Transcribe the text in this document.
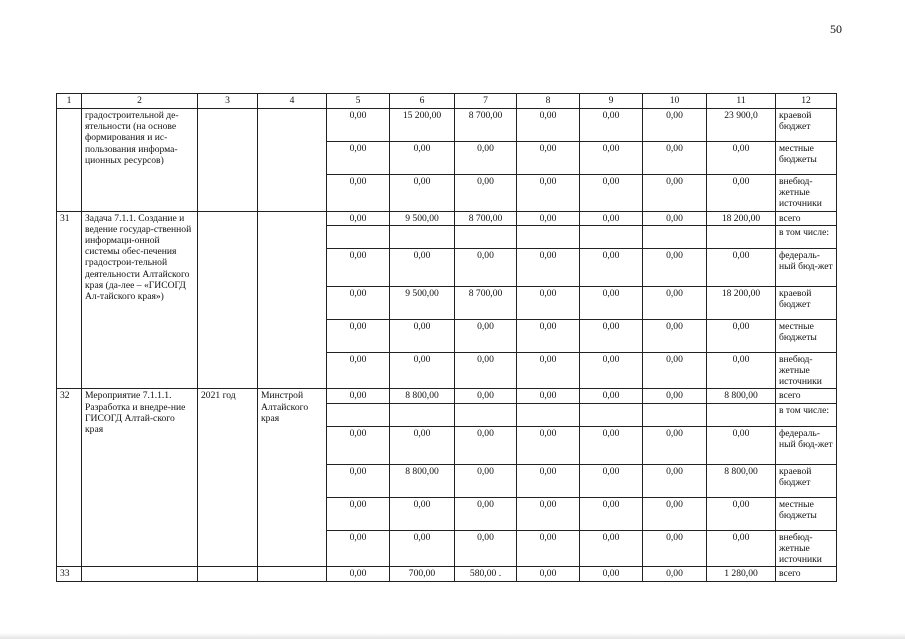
50
1	2	3	4	5	6	7	8	9	10	11	12
	градостроительной де-ятельности (на основе формирования и ис-пользования информа-ционных ресурсов)			0,00	15 200,00	8 700,00	0,00	0,00	0,00	23 900,0	краевой бюджет
				0,00	0,00	0,00	0,00	0,00	0,00	0,00	местные бюджеты
				0,00	0,00	0,00	0,00	0,00	0,00	0,00	внебюд-жетные источники
31	Задача 7.1.1. Создание и ведение государ-ственной информаци-онной системы обес-печения градострои-тельной деятельности Алтайского края (да-лее – «ГИСОГД Ал-тайского края»)			0,00	9 500,00	8 700,00	0,00	0,00	0,00	18 200,00	всего
											в том числе:
				0,00	0,00	0,00	0,00	0,00	0,00	0,00	федераль-ный бюд-жет
				0,00	9 500,00	8 700,00	0,00	0,00	0,00	18 200,00	краевой бюджет
				0,00	0,00	0,00	0,00	0,00	0,00	0,00	местные бюджеты
				0,00	0,00	0,00	0,00	0,00	0,00	0,00	внебюд-жетные источники
32	Мероприятие 7.1.1.1. Разработка и внедре-ние ГИСОГД Алтай-ского края	2021 год	Минстрой Алтайского края	0,00	8 800,00	0,00	0,00	0,00	0,00	8 800,00	всего
											в том числе:
				0,00	0,00	0,00	0,00	0,00	0,00	0,00	федераль-ный бюд-жет
				0,00	8 800,00	0,00	0,00	0,00	0,00	8 800,00	краевой бюджет
				0,00	0,00	0,00	0,00	0,00	0,00	0,00	местные бюджеты
				0,00	0,00	0,00	0,00	0,00	0,00	0,00	внебюд-жетные источники
33				0,00	700,00	580,00 .	0,00	0,00	0,00	1 280,00	всего
